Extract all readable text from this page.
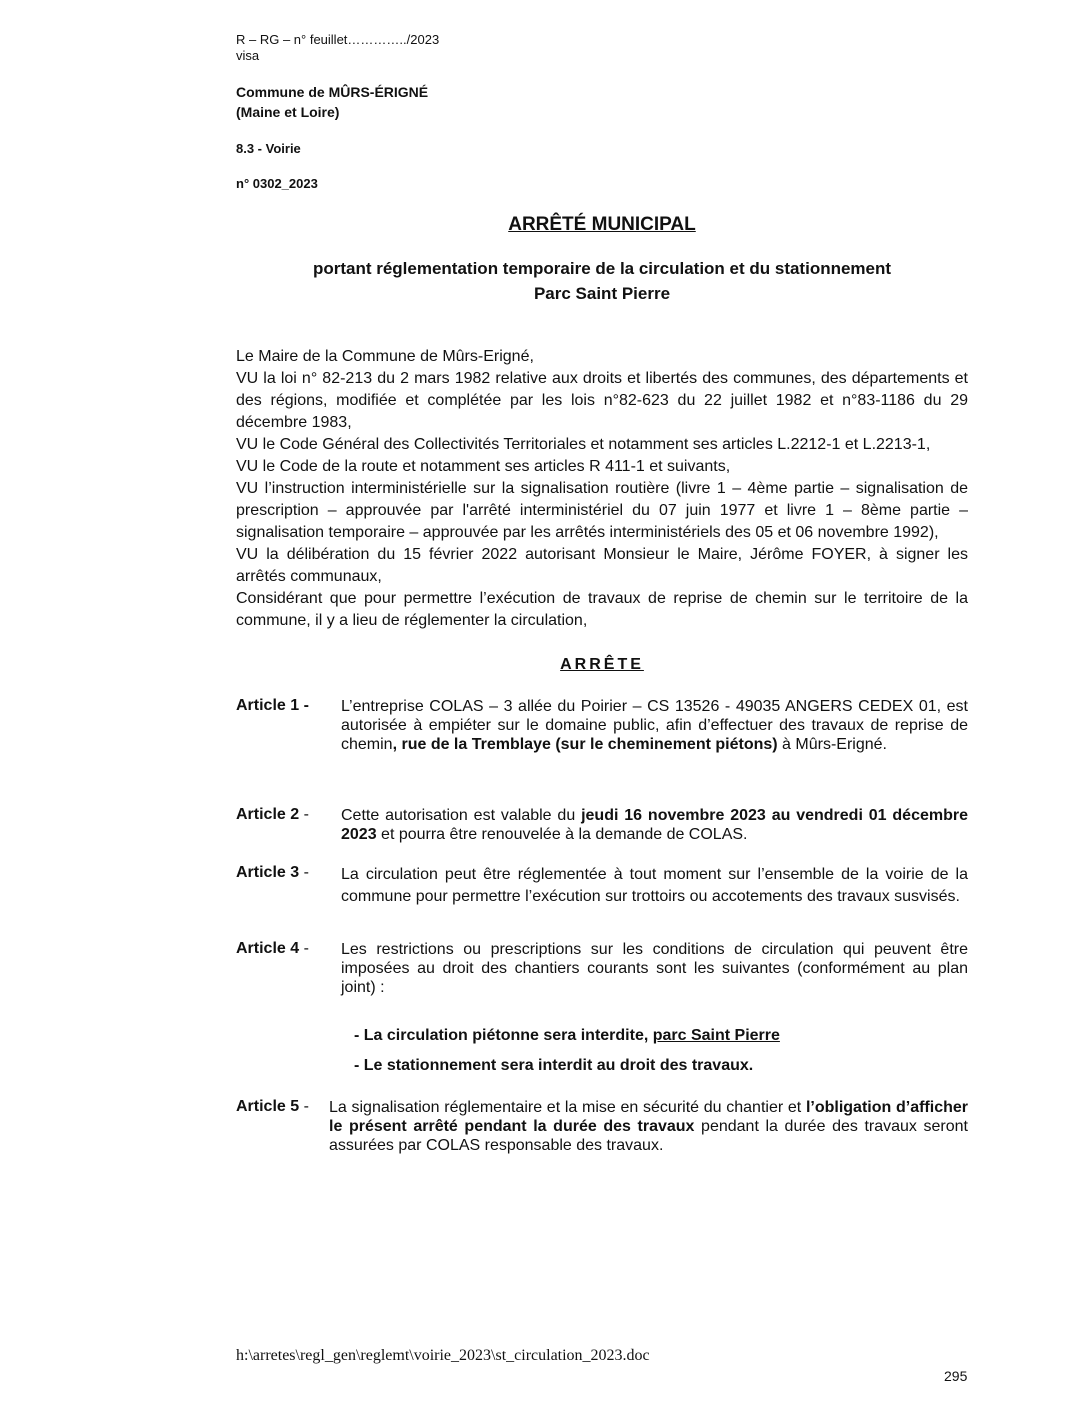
R – RG – n° feuillet…………../2023
visa
Commune de MÛRS-ÉRIGNÉ
(Maine et Loire)
8.3 - Voirie
n° 0302_2023
ARRÊTÉ MUNICIPAL
portant réglementation temporaire de la circulation et du stationnement
Parc Saint Pierre
Le Maire de la Commune de Mûrs-Erigné,
VU la loi n° 82-213 du 2 mars 1982 relative aux droits et libertés des communes, des départements et des régions, modifiée et complétée par les lois n°82-623 du 22 juillet 1982 et n°83-1186 du 29 décembre 1983,
VU le Code Général des Collectivités Territoriales et notamment ses articles L.2212-1 et L.2213-1,
VU le Code de la route et notamment ses articles R 411-1 et suivants,
VU l’instruction interministérielle sur la signalisation routière (livre 1 – 4ème partie – signalisation de prescription – approuvée par l'arrêté interministériel du 07 juin 1977 et livre 1 – 8ème partie – signalisation temporaire – approuvée par les arrêtés interministériels des 05 et 06 novembre 1992),
VU la délibération du 15 février 2022 autorisant Monsieur le Maire, Jérôme FOYER, à signer les arrêtés communaux,
Considérant que pour permettre l’exécution de travaux de reprise de chemin sur le territoire de la commune, il y a lieu de réglementer la circulation,
ARRÊTE
Article 1 - L’entreprise COLAS – 3 allée du Poirier – CS 13526 - 49035 ANGERS CEDEX 01, est autorisée à empiéter sur le domaine public, afin d’effectuer des travaux de reprise de chemin, rue de la Tremblaye (sur le cheminement piétons) à Mûrs-Erigné.
Article 2 - Cette autorisation est valable du jeudi 16 novembre 2023 au vendredi 01 décembre 2023 et pourra être renouvelée à la demande de COLAS.
Article 3 - La circulation peut être réglementée à tout moment sur l’ensemble de la voirie de la commune pour permettre l’exécution sur trottoirs ou accotements des travaux susvisés.
Article 4 - Les restrictions ou prescriptions sur les conditions de circulation qui peuvent être imposées au droit des chantiers courants sont les suivantes (conformément au plan joint) :
- La circulation piétonne sera interdite, parc Saint Pierre
- Le stationnement sera interdit au droit des travaux.
Article 5 - La signalisation réglementaire et la mise en sécurité du chantier et l’obligation d’afficher le présent arrêté pendant la durée des travaux pendant la durée des travaux seront assurées par COLAS responsable des travaux.
h:\arretes\regl_gen\reglemt\voirie_2023\st_circulation_2023.doc
295
